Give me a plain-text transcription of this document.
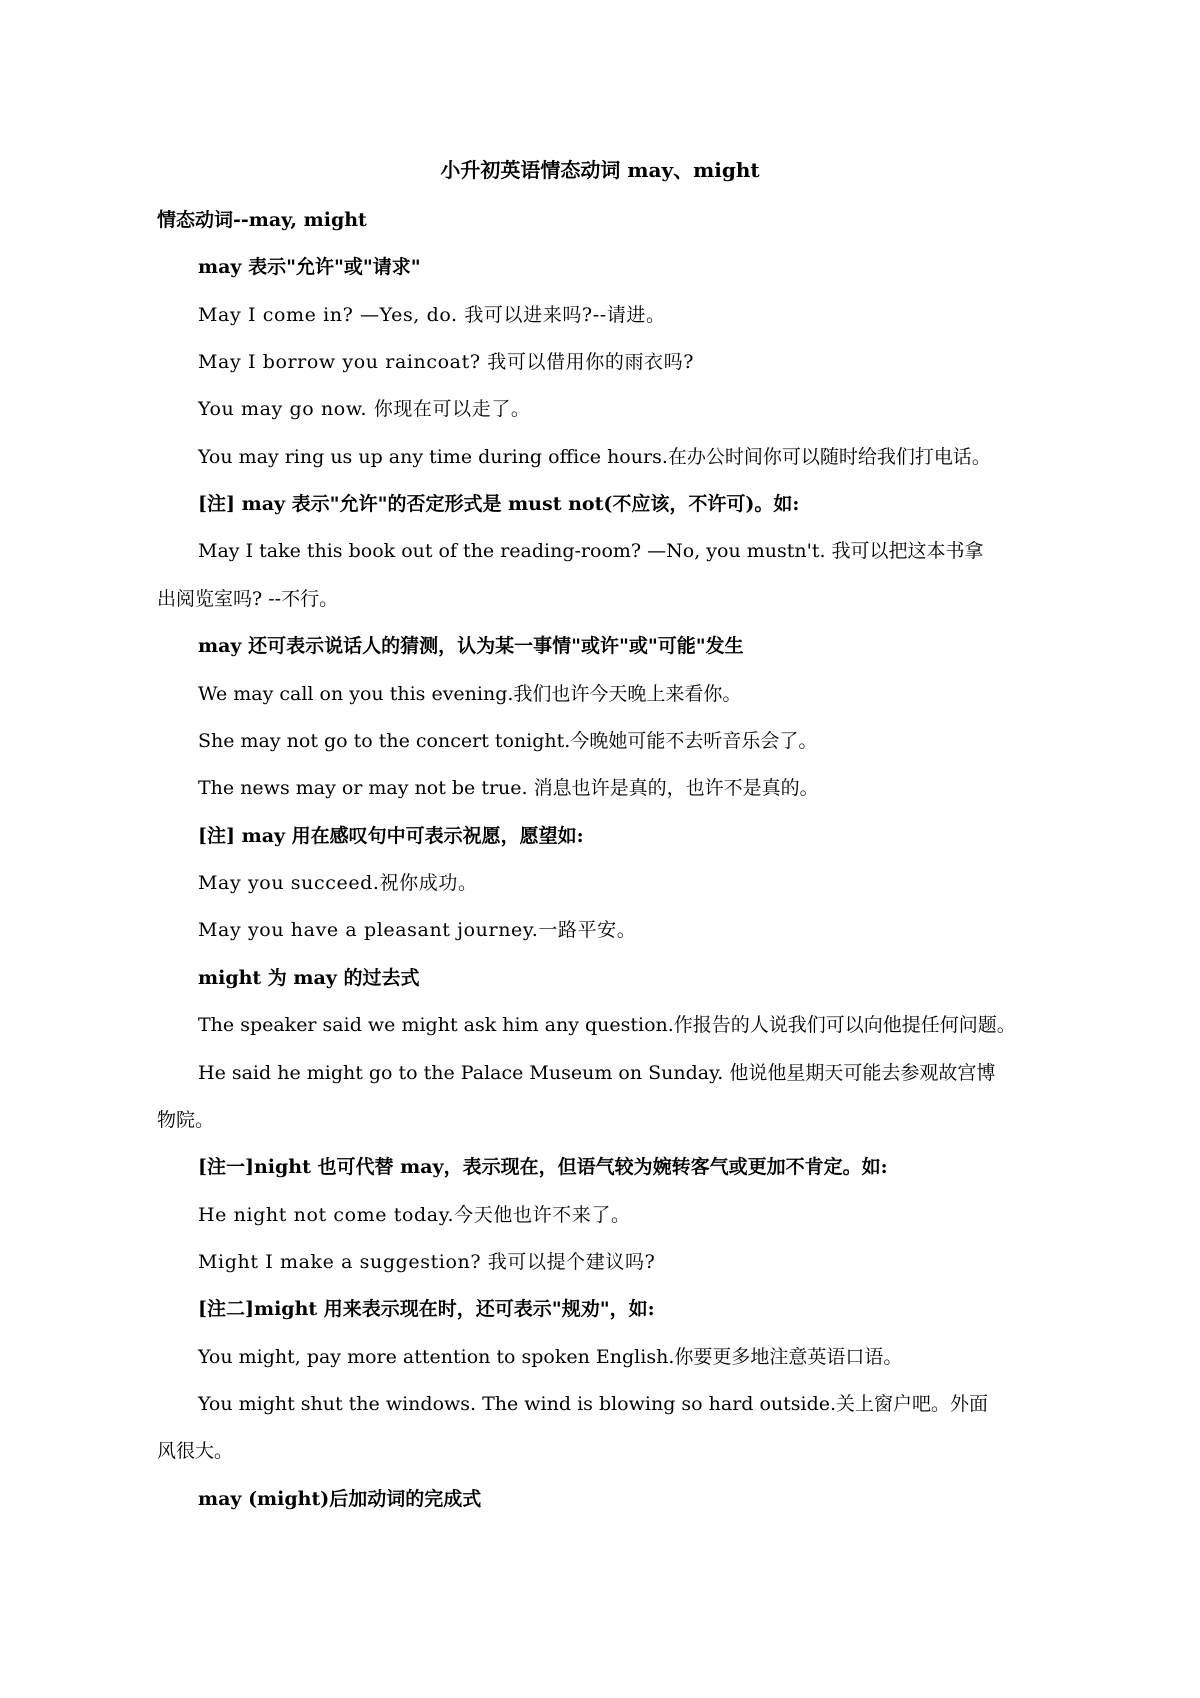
小升初英语情态动词 may、might
情态动词--may, might
may 表示"允许"或"请求"
May I come in? —Yes, do. 我可以进来吗?--请进。
May I borrow you raincoat? 我可以借用你的雨衣吗?
You may go now. 你现在可以走了。
You may ring us up any time during office hours.在办公时间你可以随时给我们打电话。
[注] may 表示"允许"的否定形式是 must not(不应该，不许可)。如:
May I take this book out of the reading-room? —No, you mustn't. 我可以把这本书拿
出阅览室吗? --不行。
may 还可表示说话人的猜测，认为某一事情"或许"或"可能"发生
We may call on you this evening.我们也许今天晚上来看你。
She may not go to the concert tonight.今晚她可能不去听音乐会了。
The news may or may not be true. 消息也许是真的，也许不是真的。
[注] may 用在感叹句中可表示祝愿，愿望如:
May you succeed.祝你成功。
May you have a pleasant journey.一路平安。
might 为 may 的过去式
The speaker said we might ask him any question.作报告的人说我们可以向他提任何问题。
He said he might go to the Palace Museum on Sunday. 他说他星期天可能去参观故宫博
物院。
[注一]night 也可代替 may，表示现在，但语气较为婉转客气或更加不肯定。如:
He night not come today.今天他也许不来了。
Might I make a suggestion? 我可以提个建议吗?
[注二]might 用来表示现在时，还可表示"规劝"，如:
You might, pay more attention to spoken English.你要更多地注意英语口语。
You might shut the windows. The wind is blowing so hard outside.关上窗户吧。外面
风很大。
may (might)后加动词的完成式
